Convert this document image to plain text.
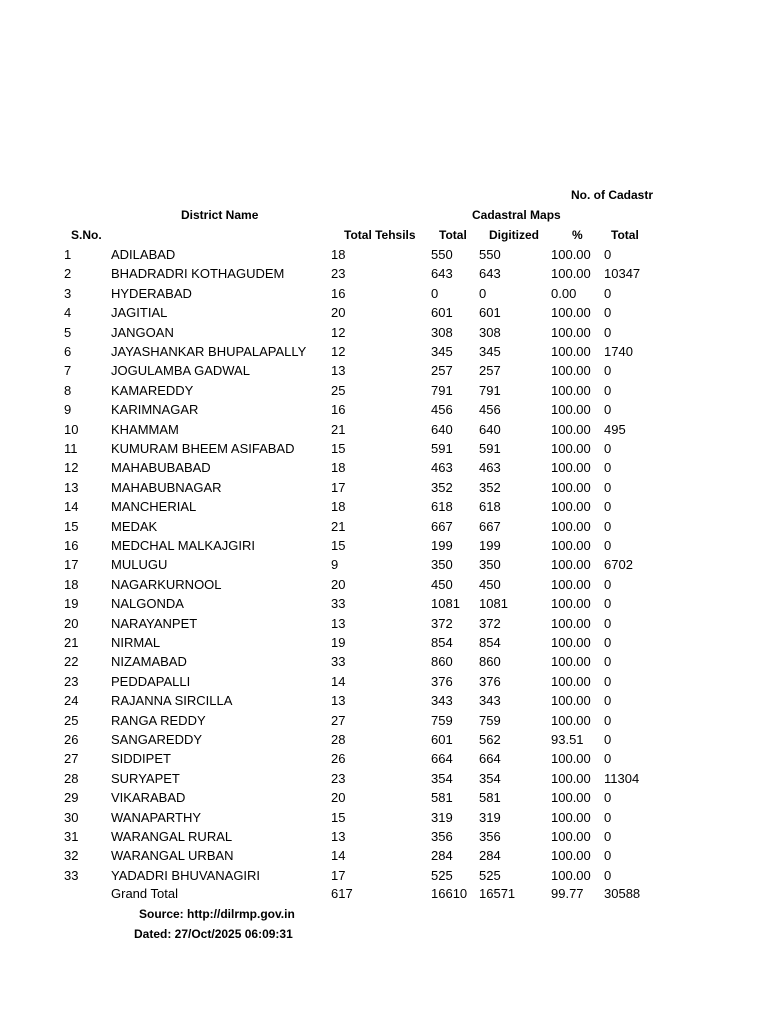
No. of Cadastr
District Name	Cadastral Maps
S.No.	Total Tehsils Total Digitized	% Total
1	ADILABAD	18	550 550	100.00 0
2	BHADRADRI KOTHAGUDEM	23	643 643	100.00 10347
3	HYDERABAD	16	0	0	0.00 0
4	JAGITIAL	20	601 601	100.00 0
5	JANGOAN	12	308 308	100.00 0
6	JAYASHANKAR BHUPALAPALLY 12	345 345	100.00 1740
7	JOGULAMBA GADWAL	13	257 257	100.00 0
8	KAMAREDDY	25	791 791	100.00 0
9	KARIMNAGAR	16	456 456	100.00 0
10	KHAMMAM	21	640 640	100.00 495
11	KUMURAM BHEEM ASIFABAD	15	591 591	100.00 0
12	MAHABUBABAD	18	463 463	100.00 0
13	MAHABUBNAGAR	17	352 352	100.00 0
14	MANCHERIAL	18	618 618	100.00 0
15	MEDAK	21	667 667	100.00 0
16	MEDCHAL MALKAJGIRI	15	199 199	100.00 0
17	MULUGU	9	350 350	100.00 6702
18	NAGARKURNOOL	20	450 450	100.00 0
19	NALGONDA	33	1081 1081	100.00 0
20	NARAYANPET	13	372 372	100.00 0
21	NIRMAL	19	854 854	100.00 0
22	NIZAMABAD	33	860 860	100.00 0
23	PEDDAPALLI	14	376 376	100.00 0
24	RAJANNA SIRCILLA	13	343 343	100.00 0
25	RANGA REDDY	27	759 759	100.00 0
26	SANGAREDDY	28	601 562	93.51 0
27	SIDDIPET	26	664 664	100.00 0
28	SURYAPET	23	354 354	100.00 11304
29	VIKARABAD	20	581 581	100.00 0
30	WANAPARTHY	15	319 319	100.00 0
31	WARANGAL RURAL	13	356 356	100.00 0
32	WARANGAL URBAN	14	284 284	100.00 0
33	YADADRI BHUVANAGIRI	17	525 525	100.00 0
Grand Total	617	16610 16571	99.77 30588
Source: http://dilrmp.gov.in
Dated: 27/Oct/2025 06:09:31
